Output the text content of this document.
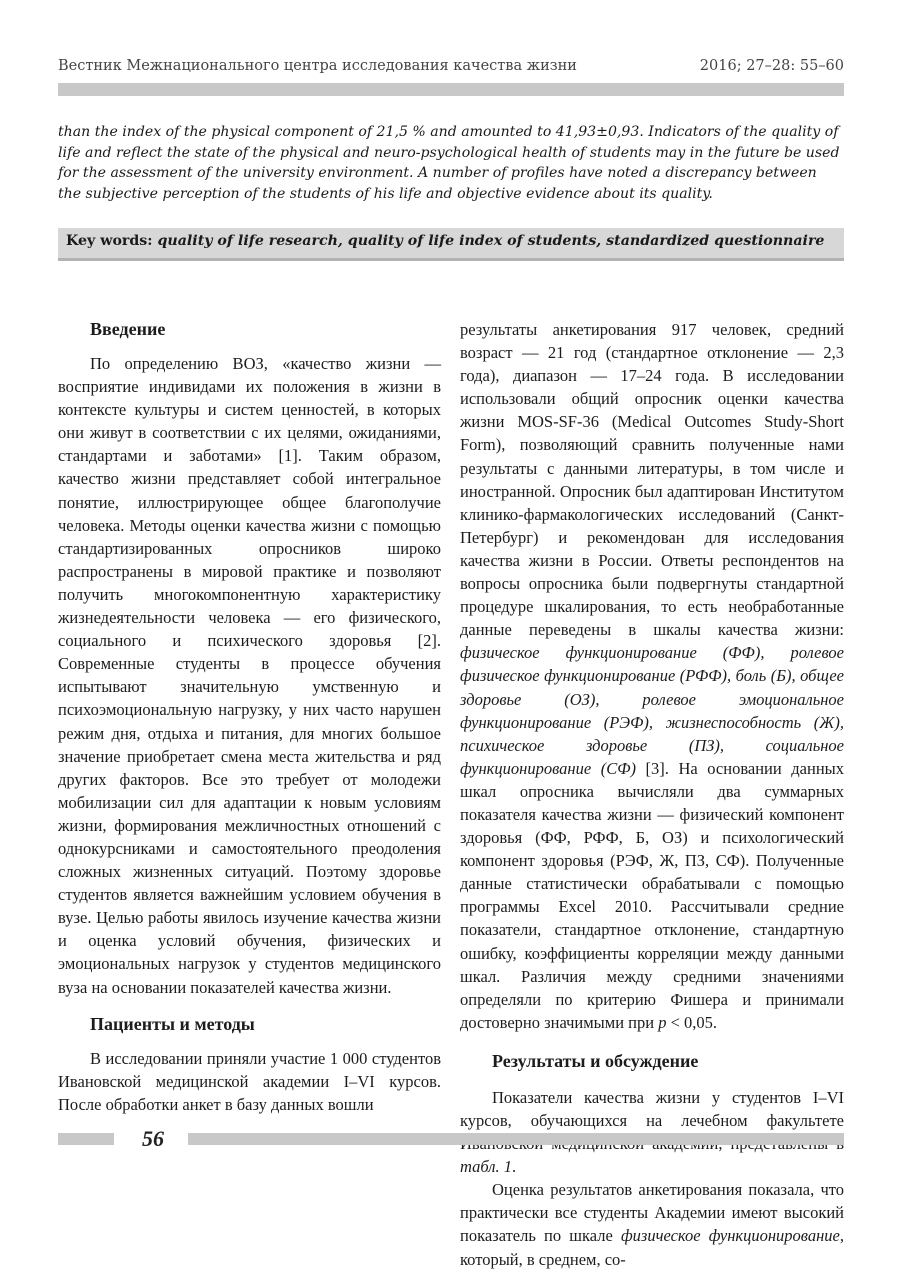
Вестник Межнационального центра исследования качества жизни	2016; 27–28: 55–60

than the index of the physical component of 21,5 % and amounted to 41,93±0,93. Indicators of the quality of life and reflect the state of the physical and neuro-psychological health of students may in the future be used for the assessment of the university environment. A number of profiles have noted a discrepancy between the subjective perception of the students of his life and objective evidence about its quality.

Key words: quality of life research, quality of life index of students, standardized questionnaire
Введение

По определению ВОЗ, «качество жизни — восприятие индивидами их положения в жизни в контексте культуры и систем ценностей, в которых они живут в соответствии с их целями, ожиданиями, стандартами и заботами» [1]. Таким образом, качество жизни представляет собой интегральное понятие, иллюстрирующее общее благополучие человека. Методы оценки качества жизни с помощью стандартизированных опросников широко распространены в мировой практике и позволяют получить многокомпонентную характеристику жизнедеятельности человека — его физического, социального и психического здоровья [2]. Современные студенты в процессе обучения испытывают значительную умственную и психоэмоциональную нагрузку, у них часто нарушен режим дня, отдыха и питания, для многих большое значение приобретает смена места жительства и ряд других факторов. Все это требует от молодежи мобилизации сил для адаптации к новым условиям жизни, формирования межличностных отношений с однокурсниками и самостоятельного преодоления сложных жизненных ситуаций. Поэтому здоровье студентов является важнейшим условием обучения в вузе. Целью работы явилось изучение качества жизни и оценка условий обучения, физических и эмоциональных нагрузок у студентов медицинского вуза на основании показателей качества жизни.

Пациенты и методы

В исследовании приняли участие 1 000 студентов Ивановской медицинской академии I–VI курсов. После обработки анкет в базу данных вошли

результаты анкетирования 917 человек, средний возраст — 21 год (стандартное отклонение — 2,3 года), диапазон — 17–24 года. В исследовании использовали общий опросник оценки качества жизни MOS-SF-36 (Medical Outcomes Study-Short Form), позволяющий сравнить полученные нами результаты с данными литературы, в том числе и иностранной. Опросник был адаптирован Институтом клинико-фармакологических исследований (Санкт-Петербург) и рекомендован для исследования качества жизни в России. Ответы респондентов на вопросы опросника были подвергнуты стандартной процедуре шкалирования, то есть необработанные данные переведены в шкалы качества жизни: физическое функционирование (ФФ), ролевое физическое функционирование (РФФ), боль (Б), общее здоровье (ОЗ), ролевое эмоциональное функционирование (РЭФ), жизнеспособность (Ж), психическое здоровье (ПЗ), социальное функционирование (СФ) [3]. На основании данных шкал опросника вычисляли два суммарных показателя качества жизни — физический компонент здоровья (ФФ, РФФ, Б, ОЗ) и психологический компонент здоровья (РЭФ, Ж, ПЗ, СФ). Полученные данные статистически обрабатывали с помощью программы Excel 2010. Рассчитывали средние показатели, стандартное отклонение, стандартную ошибку, коэффициенты корреляции между данными шкал. Различия между средними значениями определяли по критерию Фишера и принимали достоверно значимыми при p < 0,05.

Результаты и обсуждение

Показатели качества жизни у студентов I–VI курсов, обучающихся на лечебном факультете табл. 1.

Оценка результатов анкетирования показала, что практически все студенты Академии имеют высокий показатель по шкале физическое функционирование, который, в среднем, со-

56
